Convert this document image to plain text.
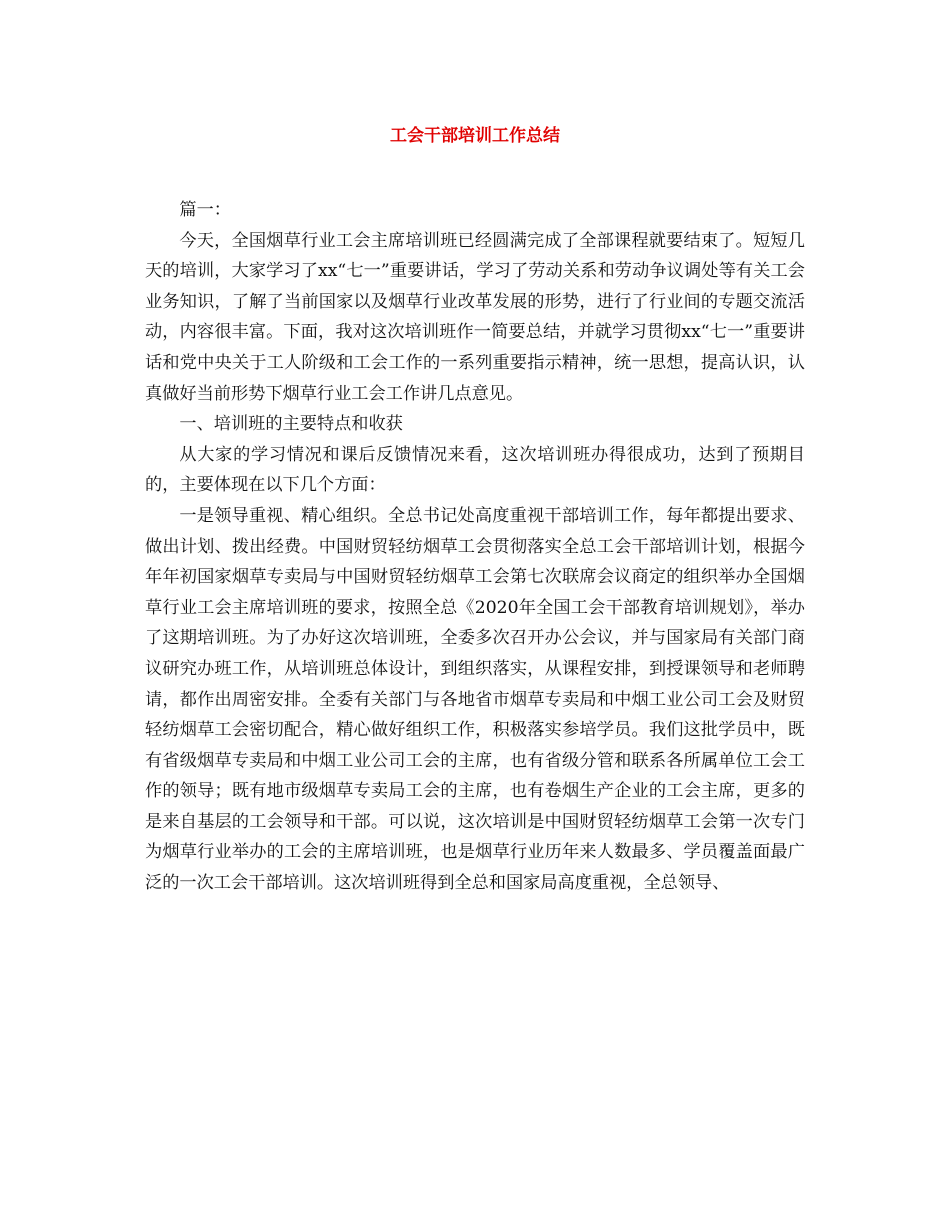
工会干部培训工作总结

篇一：

今天，全国烟草行业工会主席培训班已经圆满完成了全部课程就要结束了。短短几天的培训，大家学习了xx“七一”重要讲话，学习了劳动关系和劳动争议调处等有关工会业务知识，了解了当前国家以及烟草行业改革发展的形势，进行了行业间的专题交流活动，内容很丰富。下面，我对这次培训班作一简要总结，并就学习贯彻xx“七一”重要讲话和党中央关于工人阶级和工会工作的一系列重要指示精神，统一思想，提高认识，认真做好当前形势下烟草行业工会工作讲几点意见。

一、培训班的主要特点和收获

从大家的学习情况和课后反馈情况来看，这次培训班办得很成功，达到了预期目的，主要体现在以下几个方面：

一是领导重视、精心组织。全总书记处高度重视干部培训工作，每年都提出要求、做出计划、拨出经费。中国财贸轻纺烟草工会贯彻落实全总工会干部培训计划，根据今年年初国家烟草专卖局与中国财贸轻纺烟草工会第七次联席会议商定的组织举办全国烟草行业工会主席培训班的要求，按照全总《2020年全国工会干部教育培训规划》，举办了这期培训班。为了办好这次培训班，全委多次召开办公会议，并与国家局有关部门商议研究办班工作，从培训班总体设计，到组织落实，从课程安排，到授课领导和老师聘请，都作出周密安排。全委有关部门与各地省市烟草专卖局和中烟工业公司工会及财贸轻纺烟草工会密切配合，精心做好组织工作，积极落实参培学员。我们这批学员中，既有省级烟草专卖局和中烟工业公司工会的主席，也有省级分管和联系各所属单位工会工作的领导；既有地市级烟草专卖局工会的主席，也有卷烟生产企业的工会主席，更多的是来自基层的工会领导和干部。可以说，这次培训是中国财贸轻纺烟草工会第一次专门为烟草行业举办的工会的主席培训班，也是烟草行业历年来人数最多、学员覆盖面最广泛的一次工会干部培训。这次培训班得到全总和国家局高度重视，全总领导、
